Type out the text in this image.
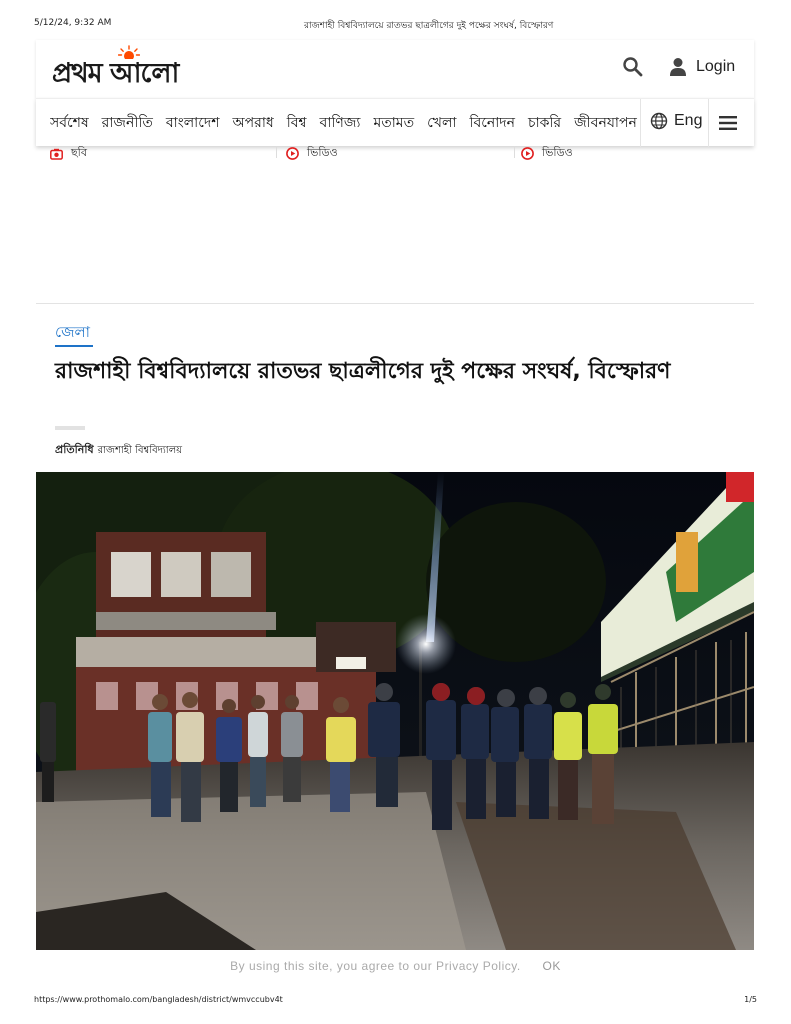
5/12/24, 9:32 AM	রাজশাহী বিশ্ববিদ্যালয়ে রাতভর ছাত্রলীগের দুই পক্ষের সংঘর্ষ, বিস্ফোরণ
প্রথম আলো	Login
সর্বশেষ রাজনীতি বাংলাদেশ অপরাধ বিশ্ব বাণিজ্য মতামত খেলা বিনোদন চাকরি জীবনযাপন Eng
ছবি	ভিডিও	ভিডিও
জেলা
রাজশাহী বিশ্ববিদ্যালয়ে রাতভর ছাত্রলীগের দুই পক্ষের সংঘর্ষ, বিস্ফোরণ
প্রতিনিধি রাজশাহী বিশ্ববিদ্যালয়
By using this site, you agree to our Privacy Policy. OK
https://www.prothomalo.com/bangladesh/district/wmvccubv4t	1/5
